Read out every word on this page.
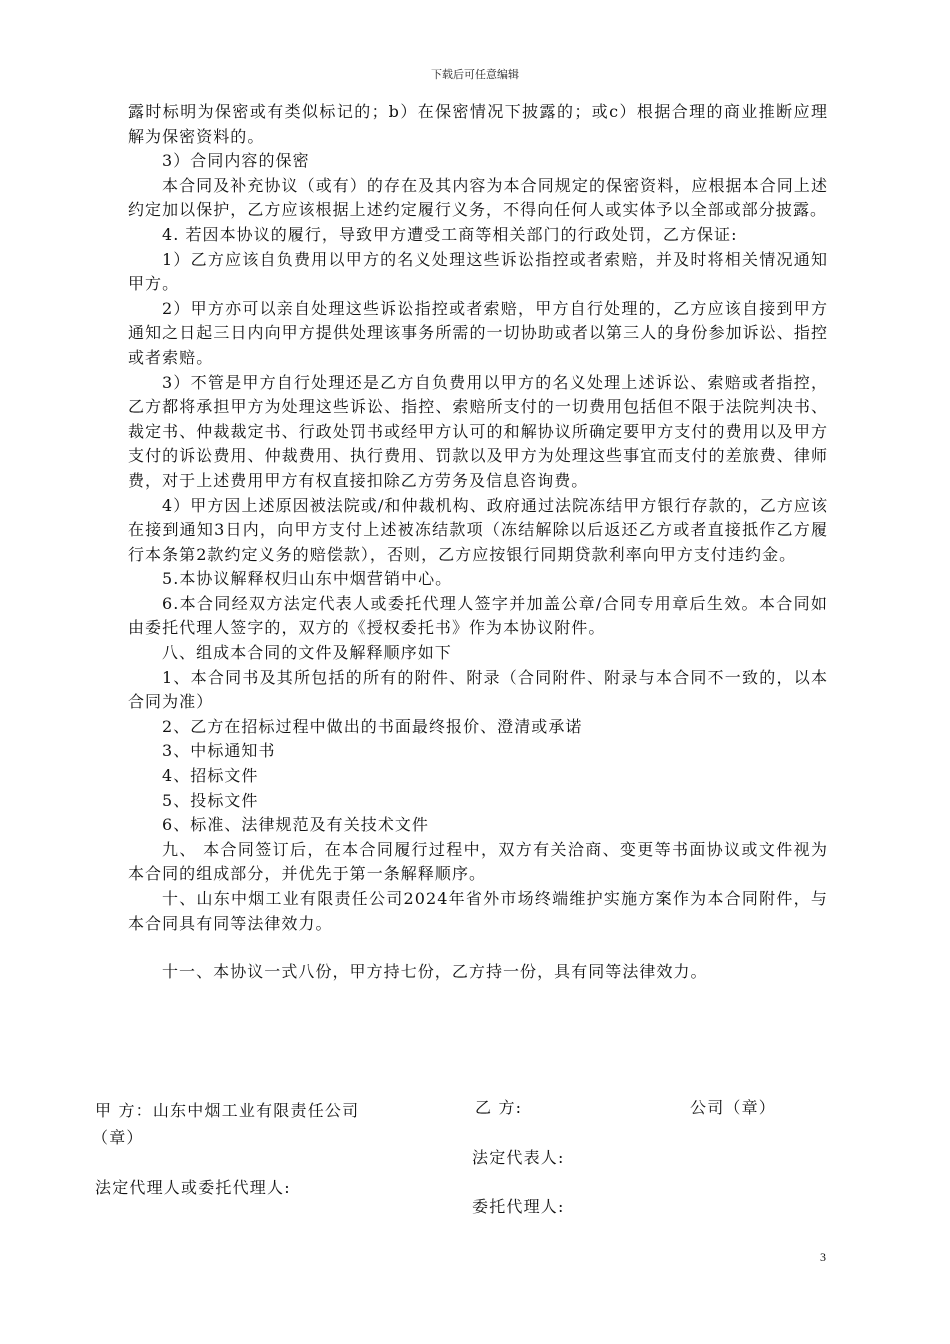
下载后可任意编辑

露时标明为保密或有类似标记的；b）在保密情况下披露的；或c）根据合理的商业推断应理解为保密资料的。

3）合同内容的保密

本合同及补充协议（或有）的存在及其内容为本合同规定的保密资料，应根据本合同上述约定加以保护，乙方应该根据上述约定履行义务，不得向任何人或实体予以全部或部分披露。

4. 若因本协议的履行，导致甲方遭受工商等相关部门的行政处罚，乙方保证:

1）乙方应该自负费用以甲方的名义处理这些诉讼指控或者索赔，并及时将相关情况通知甲方。

2）甲方亦可以亲自处理这些诉讼指控或者索赔，甲方自行处理的，乙方应该自接到甲方通知之日起三日内向甲方提供处理该事务所需的一切协助或者以第三人的身份参加诉讼、指控或者索赔。

3）不管是甲方自行处理还是乙方自负费用以甲方的名义处理上述诉讼、索赔或者指控，乙方都将承担甲方为处理这些诉讼、指控、索赔所支付的一切费用包括但不限于法院判决书、裁定书、仲裁裁定书、行政处罚书或经甲方认可的和解协议所确定要甲方支付的费用以及甲方支付的诉讼费用、仲裁费用、执行费用、罚款以及甲方为处理这些事宜而支付的差旅费、律师费，对于上述费用甲方有权直接扣除乙方劳务及信息咨询费。

4）甲方因上述原因被法院或/和仲裁机构、政府通过法院冻结甲方银行存款的，乙方应该在接到通知3日内，向甲方支付上述被冻结款项（冻结解除以后返还乙方或者直接抵作乙方履行本条第2款约定义务的赔偿款），否则，乙方应按银行同期贷款利率向甲方支付违约金。

5.本协议解释权归山东中烟营销中心。

6.本合同经双方法定代表人或委托代理人签字并加盖公章/合同专用章后生效。本合同如由委托代理人签字的，双方的《授权委托书》作为本协议附件。

八、组成本合同的文件及解释顺序如下

1、本合同书及其所包括的所有的附件、附录（合同附件、附录与本合同不一致的，以本合同为准）

2、乙方在招标过程中做出的书面最终报价、澄清或承诺

3、中标通知书

4、招标文件

5、投标文件

6、标准、法律规范及有关技术文件

九、 本合同签订后，在本合同履行过程中，双方有关洽商、变更等书面协议或文件视为本合同的组成部分，并优先于第一条解释顺序。

十、山东中烟工业有限责任公司2024年省外市场终端维护实施方案作为本合同附件，与本合同具有同等法律效力。

十一、本协议一式八份，甲方持七份，乙方持一份，具有同等法律效力。

甲 方：山东中烟工业有限责任公司
（章）
法定代理人或委托代理人:
乙 方:	公司（章）
法定代表人:
委托代理人:
3
